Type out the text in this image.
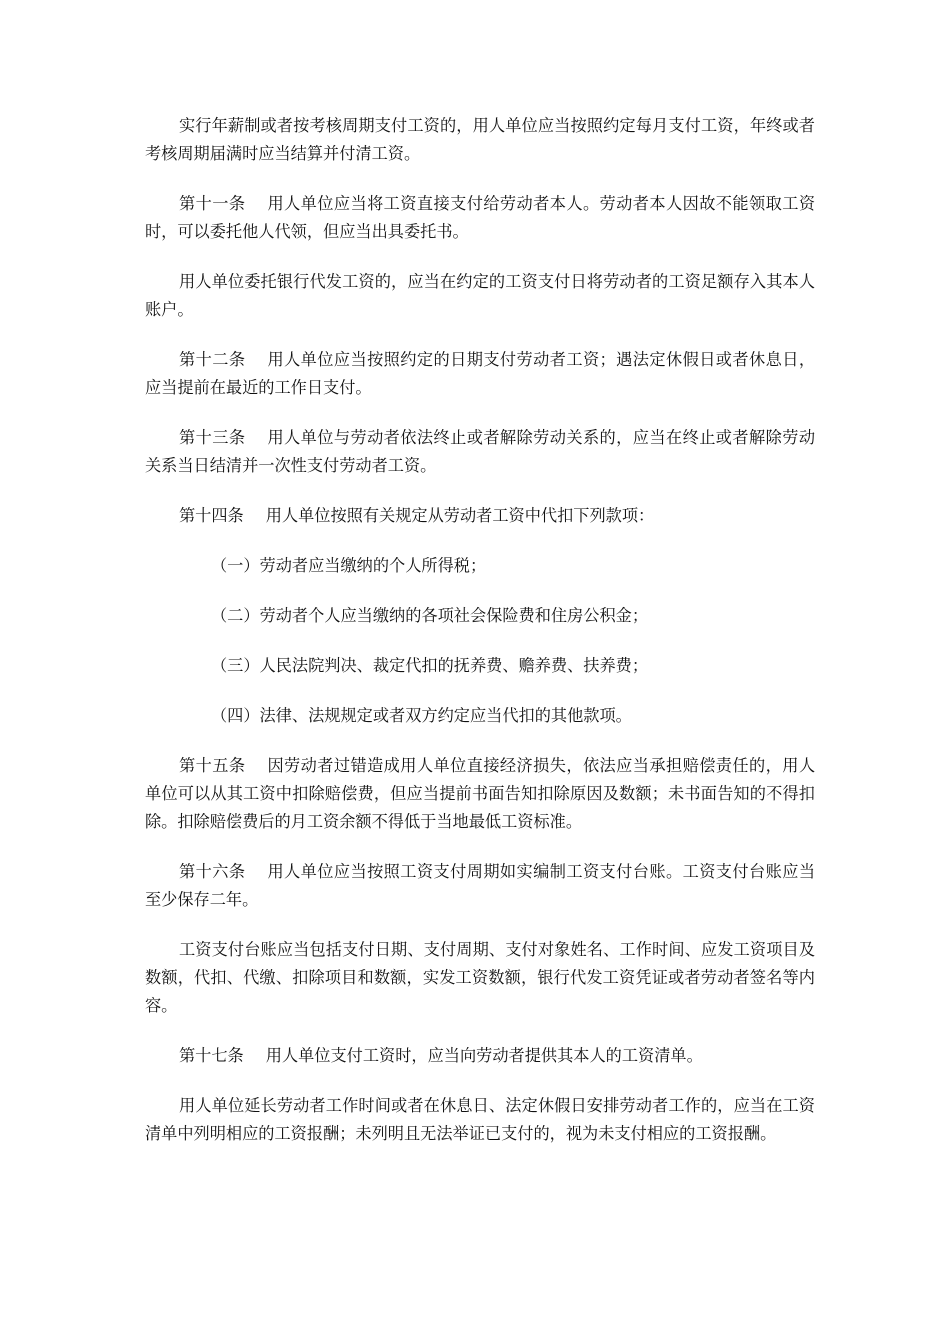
实行年薪制或者按考核周期支付工资的，用人单位应当按照约定每月支付工资，年终或者考核周期届满时应当结算并付清工资。

第十一条 用人单位应当将工资直接支付给劳动者本人。劳动者本人因故不能领取工资时，可以委托他人代领，但应当出具委托书。

用人单位委托银行代发工资的，应当在约定的工资支付日将劳动者的工资足额存入其本人账户。

第十二条 用人单位应当按照约定的日期支付劳动者工资；遇法定休假日或者休息日，应当提前在最近的工作日支付。

第十三条 用人单位与劳动者依法终止或者解除劳动关系的，应当在终止或者解除劳动关系当日结清并一次性支付劳动者工资。

第十四条 用人单位按照有关规定从劳动者工资中代扣下列款项：

（一）劳动者应当缴纳的个人所得税；

（二）劳动者个人应当缴纳的各项社会保险费和住房公积金；

（三）人民法院判决、裁定代扣的抚养费、赡养费、扶养费；

（四）法律、法规规定或者双方约定应当代扣的其他款项。

第十五条 因劳动者过错造成用人单位直接经济损失，依法应当承担赔偿责任的，用人单位可以从其工资中扣除赔偿费，但应当提前书面告知扣除原因及数额；未书面告知的不得扣除。扣除赔偿费后的月工资余额不得低于当地最低工资标准。

第十六条 用人单位应当按照工资支付周期如实编制工资支付台账。工资支付台账应当至少保存二年。

工资支付台账应当包括支付日期、支付周期、支付对象姓名、工作时间、应发工资项目及数额，代扣、代缴、扣除项目和数额，实发工资数额，银行代发工资凭证或者劳动者签名等内容。

第十七条 用人单位支付工资时，应当向劳动者提供其本人的工资清单。

用人单位延长劳动者工作时间或者在休息日、法定休假日安排劳动者工作的，应当在工资清单中列明相应的工资报酬；未列明且无法举证已支付的，视为未支付相应的工资报酬。
